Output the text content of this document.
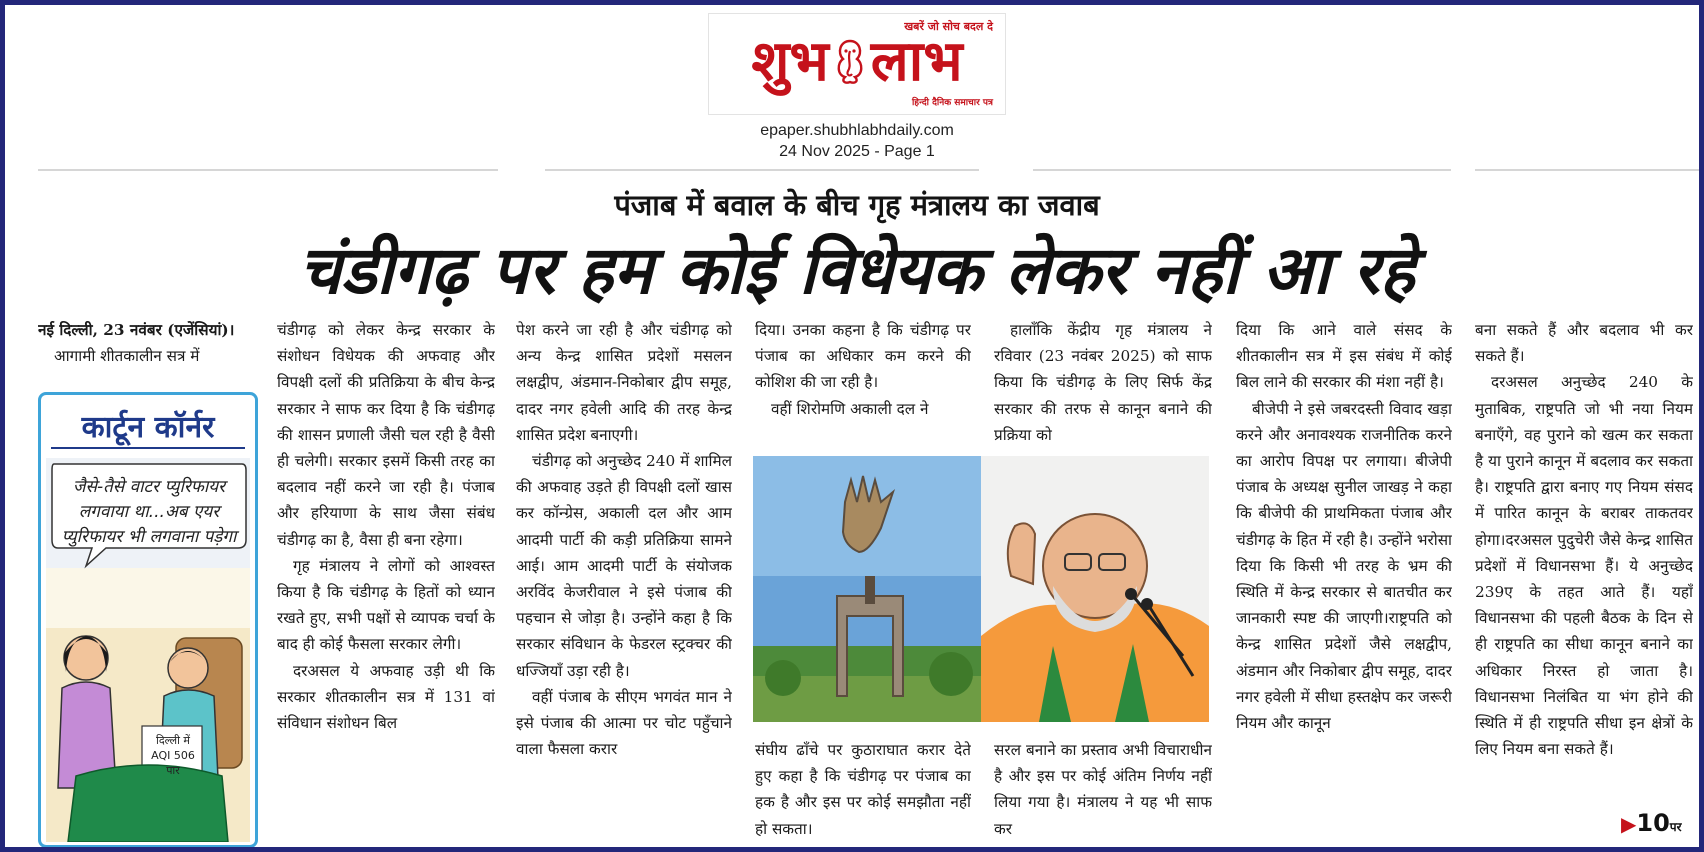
खबरें जो सोच बदल दे
शुभ लाभ
हिन्दी दैनिक समाचार पत्र
epaper.shubhlabhdaily.com
24 Nov 2025 - Page 1
पंजाब में बवाल के बीच गृह मंत्रालय का जवाब
चंडीगढ़ पर हम कोई विधेयक लेकर नहीं आ रहे

नई दिल्ली, 23 नवंबर (एजेंसियां)।

आगामी शीतकालीन सत्र में

कार्टून कॉर्नर
जैसे-तैसे वाटर प्युरिफायर लगवाया था...अब एयर प्युरिफायर भी लगवाना पड़ेगा
दिल्ली में AQI 506 पार

चंडीगढ़ को लेकर केन्द्र सरकार के संशोधन विधेयक की अफवाह और विपक्षी दलों की प्रतिक्रिया के बीच केन्द्र सरकार ने साफ कर दिया है कि चंडीगढ़ की शासन प्रणाली जैसी चल रही है वैसी ही चलेगी। सरकार इसमें किसी तरह का बदलाव नहीं करने जा रही है। पंजाब और हरियाणा के साथ जैसा संबंध चंडीगढ़ का है, वैसा ही बना रहेगा।

गृह मंत्रालय ने लोगों को आश्वस्त किया है कि चंडीगढ़ के हितों को ध्यान रखते हुए, सभी पक्षों से व्यापक चर्चा के बाद ही कोई फैसला सरकार लेगी।

दरअसल ये अफवाह उड़ी थी कि सरकार शीतकालीन सत्र में 131 वां संविधान संशोधन बिल

पेश करने जा रही है और चंडीगढ़ को अन्य केन्द्र शासित प्रदेशों मसलन लक्षद्वीप, अंडमान-निकोबार द्वीप समूह, दादर नगर हवेली आदि की तरह केन्द्र शासित प्रदेश बनाएगी।

चंडीगढ़ को अनुच्छेद 240 में शामिल की अफवाह उड़ते ही विपक्षी दलों खास कर कॉन्ग्रेस, अकाली दल और आम आदमी पार्टी की कड़ी प्रतिक्रिया सामने आई। आम आदमी पार्टी के संयोजक अरविंद केजरीवाल ने इसे पंजाब की पहचान से जोड़ा है। उन्होंने कहा है कि सरकार संविधान के फेडरल स्ट्रक्चर की धज्जियाँ उड़ा रही है।

वहीं पंजाब के सीएम भगवंत मान ने इसे पंजाब की आत्मा पर चोट पहुँचाने वाला फैसला करार

दिया। उनका कहना है कि चंडीगढ़ पर पंजाब का अधिकार कम करने की कोशिश की जा रही है।

वहीं शिरोमणि अकाली दल ने

हालाँकि केंद्रीय गृह मंत्रालय ने रविवार (23 नवंबर 2025) को साफ किया कि चंडीगढ़ के लिए सिर्फ केंद्र सरकार की तरफ से कानून बनाने की प्रक्रिया को

संघीय ढाँचे पर कुठाराघात करार देते हुए कहा है कि चंडीगढ़ पर पंजाब का हक है और इस पर कोई समझौता नहीं हो सकता।

सरल बनाने का प्रस्ताव अभी विचाराधीन है और इस पर कोई अंतिम निर्णय नहीं लिया गया है। मंत्रालय ने यह भी साफ कर

दिया कि आने वाले संसद के शीतकालीन सत्र में इस संबंध में कोई बिल लाने की सरकार की मंशा नहीं है।

बीजेपी ने इसे जबरदस्ती विवाद खड़ा करने और अनावश्यक राजनीतिक करने का आरोप विपक्ष पर लगाया। बीजेपी पंजाब के अध्यक्ष सुनील जाखड़ ने कहा कि बीजेपी की प्राथमिकता पंजाब और चंडीगढ़ के हित में रही है। उन्होंने भरोसा दिया कि किसी भी तरह के भ्रम की स्थिति में केन्द्र सरकार से बातचीत कर जानकारी स्पष्ट की जाएगी।राष्ट्रपति को केन्द्र शासित प्रदेशों जैसे लक्षद्वीप, अंडमान और निकोबार द्वीप समूह, दादर नगर हवेली में सीधा हस्तक्षेप कर जरूरी नियम और कानून

बना सकते हैं और बदलाव भी कर सकते हैं।

दरअसल अनुच्छेद 240 के मुताबिक, राष्ट्रपति जो भी नया नियम बनाएँगे, वह पुराने को खत्म कर सकता है या पुराने कानून में बदलाव कर सकता है। राष्ट्रपति द्वारा बनाए गए नियम संसद में पारित कानून के बराबर ताकतवर होगा।दरअसल पुदुचेरी जैसे केन्द्र शासित प्रदेशों में विधानसभा हैं। ये अनुच्छेद 239ए के तहत आते हैं। यहाँ विधानसभा की पहली बैठक के दिन से ही राष्ट्रपति का सीधा कानून बनाने का अधिकार निरस्त हो जाता है। विधानसभा निलंबित या भंग होने की स्थिति में ही राष्ट्रपति सीधा इन क्षेत्रों के लिए नियम बना सकते हैं।

▶10पर
